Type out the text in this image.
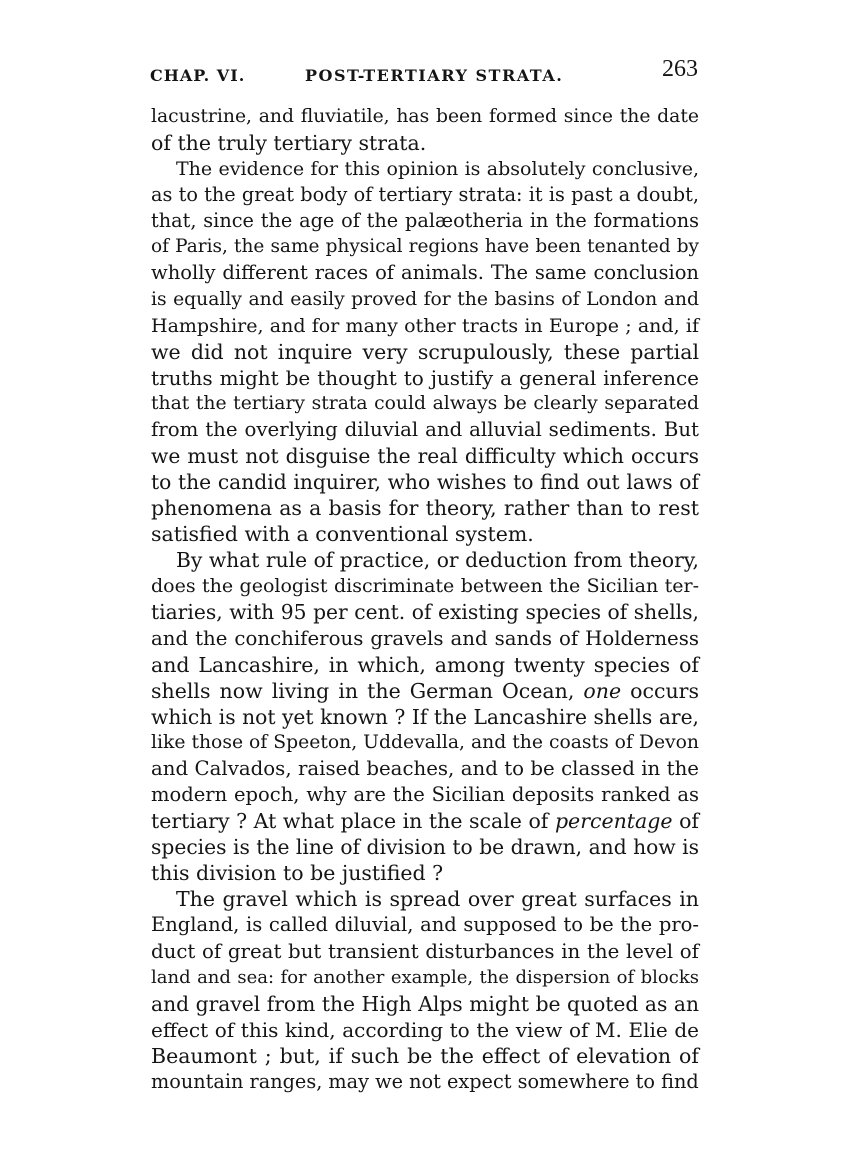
CHAP. VI.	POST-TERTIARY STRATA.	263
lacustrine, and fluviatile, has been formed since the date
of the truly tertiary strata.
The evidence for this opinion is absolutely conclusive,
as to the great body of tertiary strata: it is past a doubt,
that, since the age of the palæotheria in the formations
of Paris, the same physical regions have been tenanted by
wholly different races of animals. The same conclusion
is equally and easily proved for the basins of London and
Hampshire, and for many other tracts in Europe ; and, if
we did not inquire very scrupulously, these partial
truths might be thought to justify a general inference
that the tertiary strata could always be clearly separated
from the overlying diluvial and alluvial sediments. But
we must not disguise the real difficulty which occurs
to the candid inquirer, who wishes to find out laws of
phenomena as a basis for theory, rather than to rest
satisfied with a conventional system.
By what rule of practice, or deduction from theory,
does the geologist discriminate between the Sicilian ter-
tiaries, with 95 per cent. of existing species of shells,
and the conchiferous gravels and sands of Holderness
and Lancashire, in which, among twenty species of
shells now living in the German Ocean, one occurs
which is not yet known ? If the Lancashire shells are,
like those of Speeton, Uddevalla, and the coasts of Devon
and Calvados, raised beaches, and to be classed in the
modern epoch, why are the Sicilian deposits ranked as
tertiary ? At what place in the scale of percentage of
species is the line of division to be drawn, and how is
this division to be justified ?
The gravel which is spread over great surfaces in
England, is called diluvial, and supposed to be the pro-
duct of great but transient disturbances in the level of
land and sea: for another example, the dispersion of blocks
and gravel from the High Alps might be quoted as an
effect of this kind, according to the view of M. Elie de
Beaumont ; but, if such be the effect of elevation of
mountain ranges, may we not expect somewhere to find
